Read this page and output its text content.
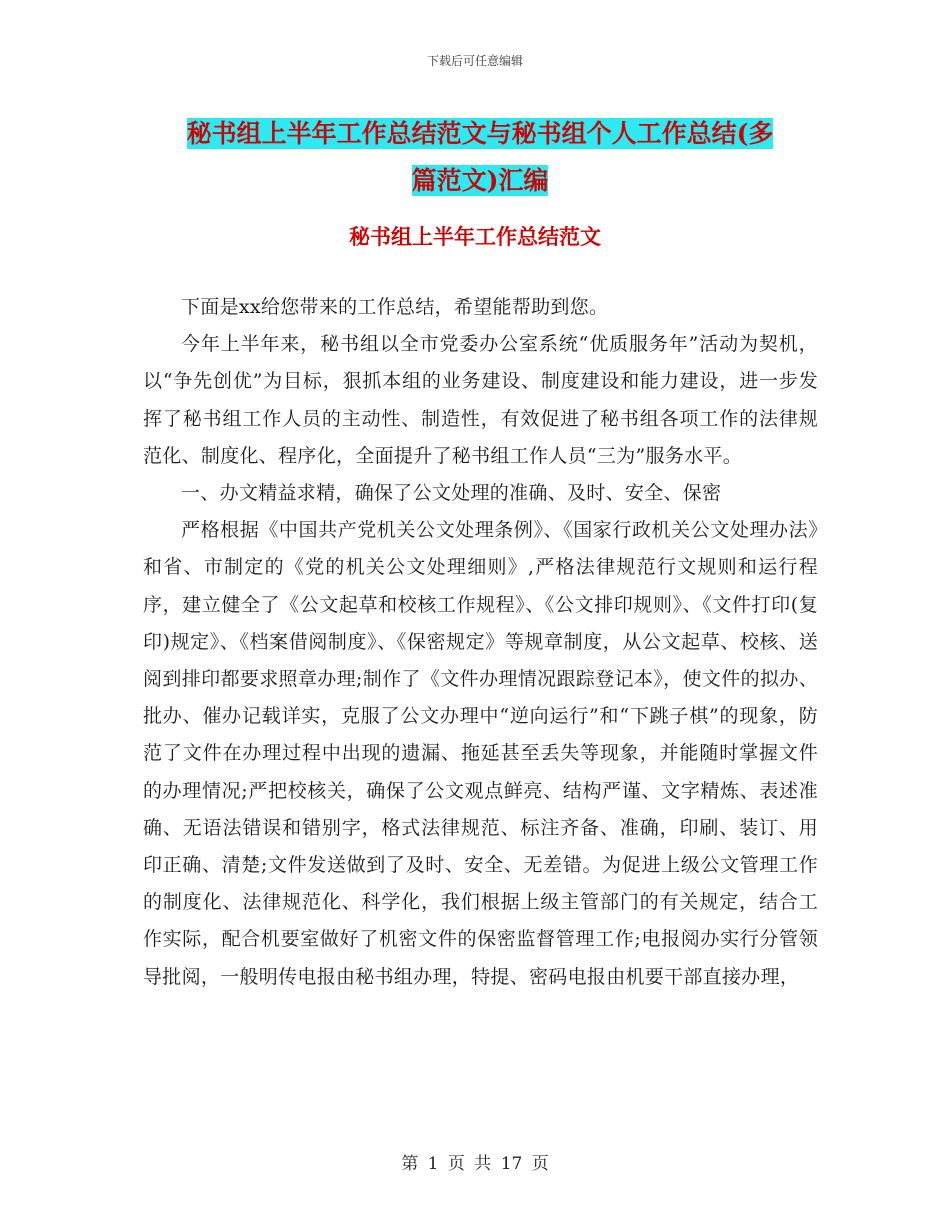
下载后可任意编辑
秘书组上半年工作总结范文与秘书组个人工作总结(多
篇范文)汇编
秘书组上半年工作总结范文

下面是xx给您带来的工作总结，希望能帮助到您。

今年上半年来，秘书组以全市党委办公室系统“优质服务年”活动为契机，以“争先创优”为目标，狠抓本组的业务建设、制度建设和能力建设，进一步发挥了秘书组工作人员的主动性、制造性，有效促进了秘书组各项工作的法律规范化、制度化、程序化，全面提升了秘书组工作人员“三为”服务水平。

一、办文精益求精，确保了公文处理的准确、及时、安全、保密

严格根据《中国共产党机关公文处理条例》、《国家行政机关公文处理办法》和省、市制定的《党的机关公文处理细则》,严格法律规范行文规则和运行程序，建立健全了《公文起草和校核工作规程》、《公文排印规则》、《文件打印(复印)规定》、《档案借阅制度》、《保密规定》等规章制度，从公文起草、校核、送阅到排印都要求照章办理;制作了《文件办理情况跟踪登记本》，使文件的拟办、批办、催办记载详实，克服了公文办理中“逆向运行”和“下跳子棋”的现象，防范了文件在办理过程中出现的遗漏、拖延甚至丢失等现象，并能随时掌握文件的办理情况;严把校核关，确保了公文观点鲜亮、结构严谨、文字精炼、表述准确、无语法错误和错别字，格式法律规范、标注齐备、准确，印刷、装订、用印正确、清楚;文件发送做到了及时、安全、无差错。为促进上级公文管理工作的制度化、法律规范化、科学化，我们根据上级主管部门的有关规定，结合工作实际，配合机要室做好了机密文件的保密监督管理工作;电报阅办实行分管领导批阅，一般明传电报由秘书组办理，特提、密码电报由机要干部直接办理，

第 1 页 共 17 页
